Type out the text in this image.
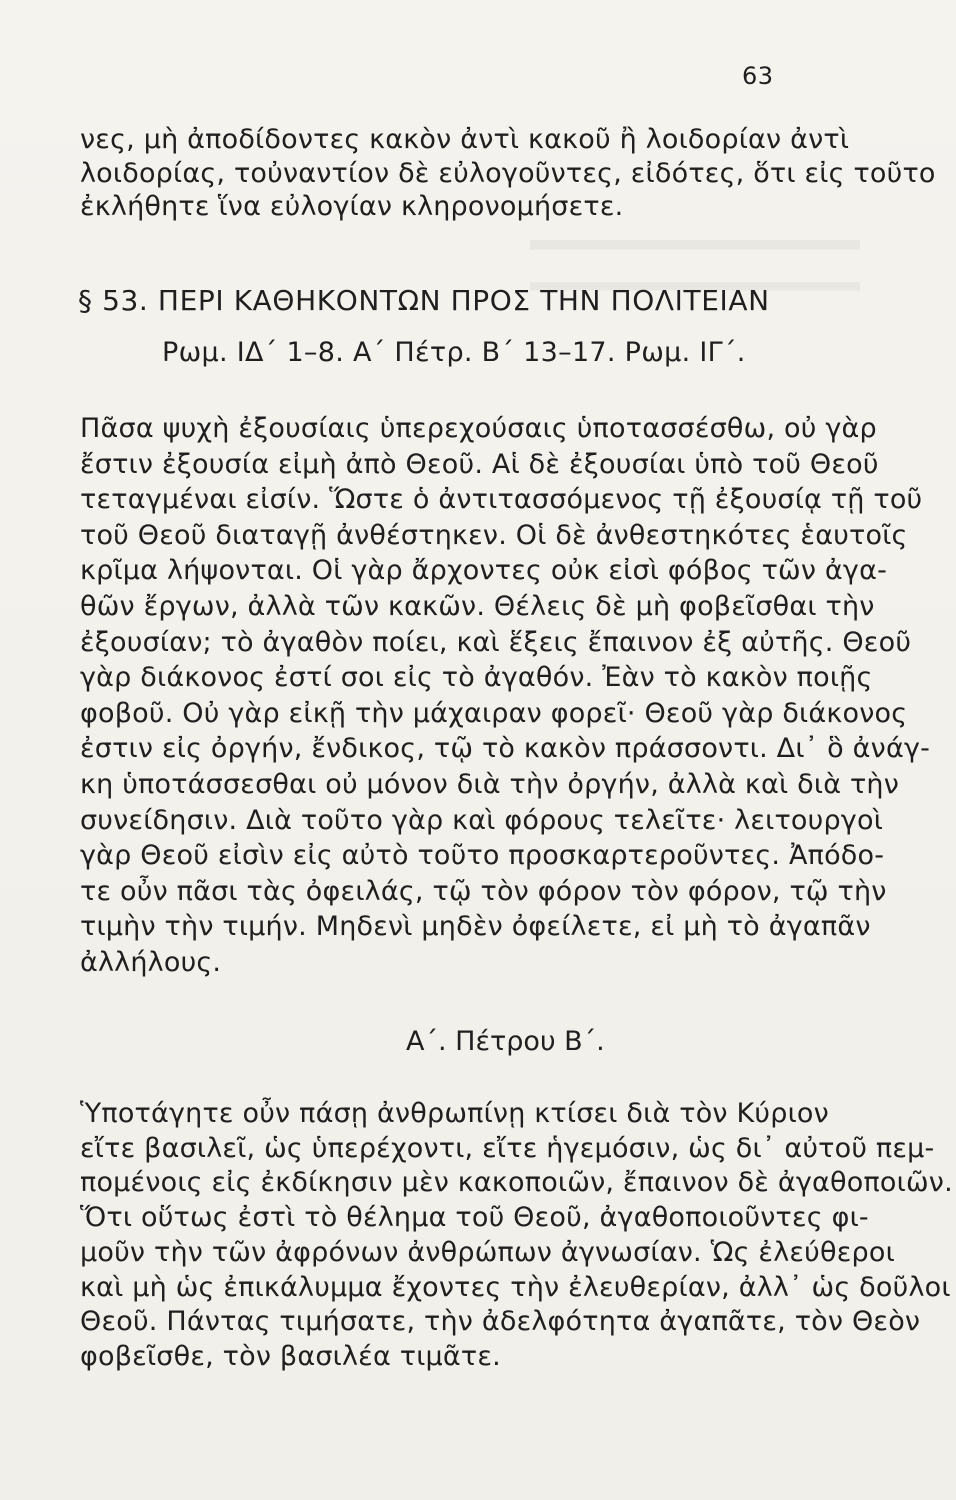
63
νες, μὴ ἀποδίδοντες κακὸν ἀντὶ κακοῦ ἢ λοιδορίαν ἀντὶ
λοιδορίας, τοὐναντίον δὲ εὐλογοῦντες, εἰδότες, ὅτι εἰς τοῦτο
ἐκλήθητε ἵνα εὐλογίαν κληρονομήσετε.
§ 53. ΠΕΡΙ ΚΑΘΗΚΟΝΤΩΝ ΠΡΟΣ ΤΗΝ ΠΟΛΙΤΕΙΑΝ
Ρωμ. ΙΔ΄ 1–8. Α΄ Πέτρ. Β΄ 13–17. Ρωμ. ΙΓ΄.
Πᾶσα ψυχὴ ἐξουσίαις ὑπερεχούσαις ὑποτασσέσθω, οὐ γὰρ
ἔστιν ἐξουσία εἰμὴ ἀπὸ Θεοῦ. Αἱ δὲ ἐξουσίαι ὑπὸ τοῦ Θεοῦ
τεταγμέναι εἰσίν. Ὥστε ὁ ἀντιτασσόμενος τῇ ἐξουσίᾳ τῇ τοῦ
τοῦ Θεοῦ διαταγῇ ἀνθέστηκεν. Οἱ δὲ ἀνθεστηκότες ἑαυτοῖς
κρῖμα λήψονται. Οἱ γὰρ ἄρχοντες οὐκ εἰσὶ φόβος τῶν ἀγα-
θῶν ἔργων, ἀλλὰ τῶν κακῶν. Θέλεις δὲ μὴ φοβεῖσθαι τὴν
ἐξουσίαν; τὸ ἀγαθὸν ποίει, καὶ ἕξεις ἔπαινον ἐξ αὐτῆς. Θεοῦ
γὰρ διάκονος ἐστί σοι εἰς τὸ ἀγαθόν. Ἐὰν τὸ κακὸν ποιῇς
φοβοῦ. Οὐ γὰρ εἰκῇ τὴν μάχαιραν φορεῖ· Θεοῦ γὰρ διάκονος
ἐστιν εἰς ὀργήν, ἔνδικος, τῷ τὸ κακὸν πράσσοντι. Δι᾿ ὃ ἀνάγ-
κη ὑποτάσσεσθαι οὐ μόνον διὰ τὴν ὀργήν, ἀλλὰ καὶ διὰ τὴν
συνείδησιν. Διὰ τοῦτο γὰρ καὶ φόρους τελεῖτε· λειτουργοὶ
γὰρ Θεοῦ εἰσὶν εἰς αὐτὸ τοῦτο προσκαρτεροῦντες. Ἀπόδο-
τε οὖν πᾶσι τὰς ὀφειλάς, τῷ τὸν φόρον τὸν φόρον, τῷ τὴν
τιμὴν τὴν τιμήν. Μηδενὶ μηδὲν ὀφείλετε, εἰ μὴ τὸ ἀγαπᾶν
ἀλλήλους.
Α΄. Πέτρου Β΄.
Ὑποτάγητε οὖν πάσῃ ἀνθρωπίνῃ κτίσει διὰ τὸν Κύριον
εἴτε βασιλεῖ, ὡς ὑπερέχοντι, εἴτε ἡγεμόσιν, ὡς δι᾿ αὐτοῦ πεμ-
πομένοις εἰς ἐκδίκησιν μὲν κακοποιῶν, ἔπαινον δὲ ἀγαθοποιῶν.
Ὅτι οὕτως ἐστὶ τὸ θέλημα τοῦ Θεοῦ, ἀγαθοποιοῦντες φι-
μοῦν τὴν τῶν ἀφρόνων ἀνθρώπων ἀγνωσίαν. Ὡς ἐλεύθεροι
καὶ μὴ ὡς ἐπικάλυμμα ἔχοντες τὴν ἐλευθερίαν, ἀλλ᾿ ὡς δοῦλοι
Θεοῦ. Πάντας τιμήσατε, τὴν ἀδελφότητα ἀγαπᾶτε, τὸν Θεὸν
φοβεῖσθε, τὸν βασιλέα τιμᾶτε.
